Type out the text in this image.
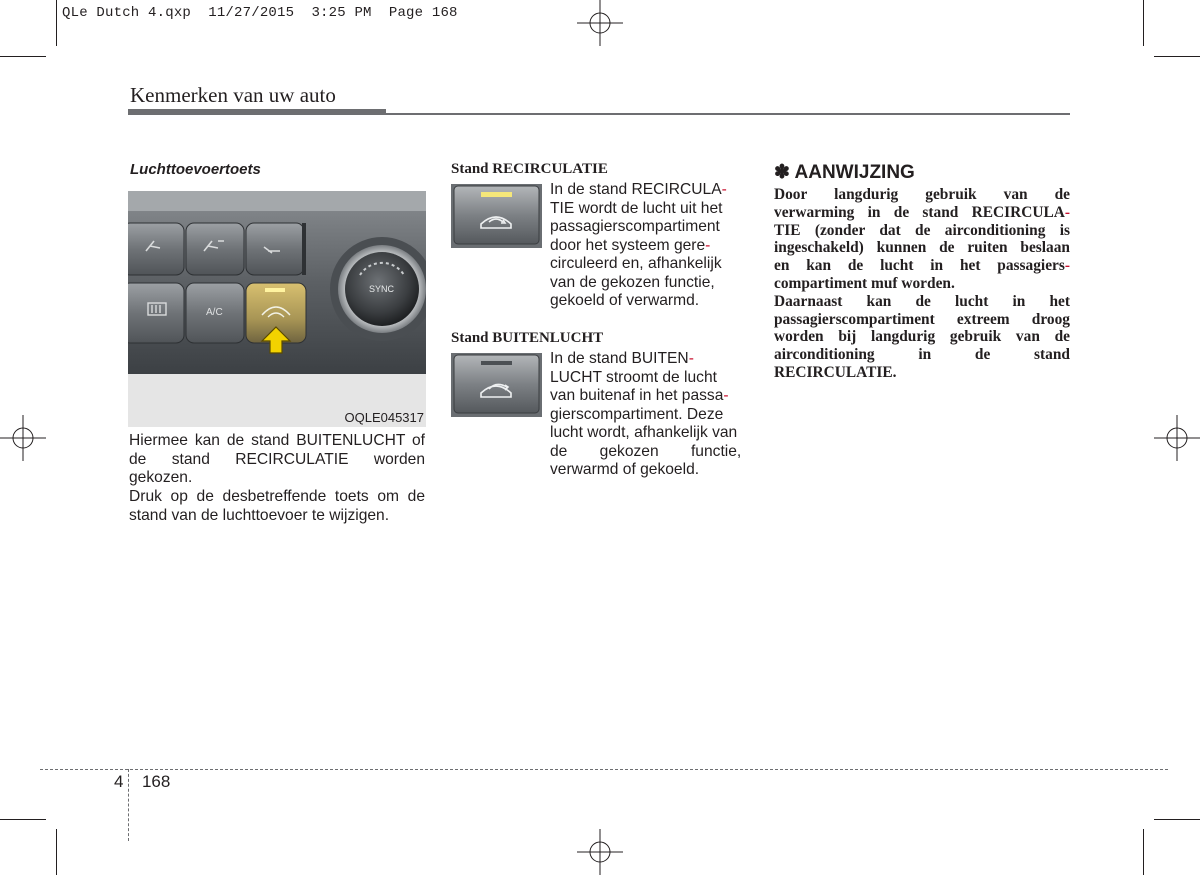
QLe Dutch 4.qxp  11/27/2015  3:25 PM  Page 168
Kenmerken van uw auto
Luchttoevoertoets
A/C
SYNC
OQLE045317
Hiermee kan de stand BUITENLUCHT of de stand RECIRCULATIE worden gekozen.
Druk op de desbetreffende toets om de stand van de luchttoevoer te wijzigen.
Stand RECIRCULATIE
In de stand RECIRCULA-
TIE wordt de lucht uit het
passagierscompartiment
door het systeem gere-
circuleerd en, afhankelijk
van de gekozen functie,
gekoeld of verwarmd.
Stand BUITENLUCHT
In de stand BUITEN-
LUCHT stroomt de lucht
van buitenaf in het passa-
gierscompartiment. Deze
lucht wordt, afhankelijk van
de gekozen functie,
verwarmd of gekoeld.
✽ AANWIJZING
Door langdurig gebruik van de
verwarming in de stand RECIRCULA-
TIE (zonder dat de airconditioning is
ingeschakeld) kunnen de ruiten beslaan
en kan de lucht in het passagiers-
compartiment muf worden.
Daarnaast kan de lucht in het
passagierscompartiment extreem droog
worden bij langdurig gebruik van de
airconditioning in de stand
RECIRCULATIE.
4 168
